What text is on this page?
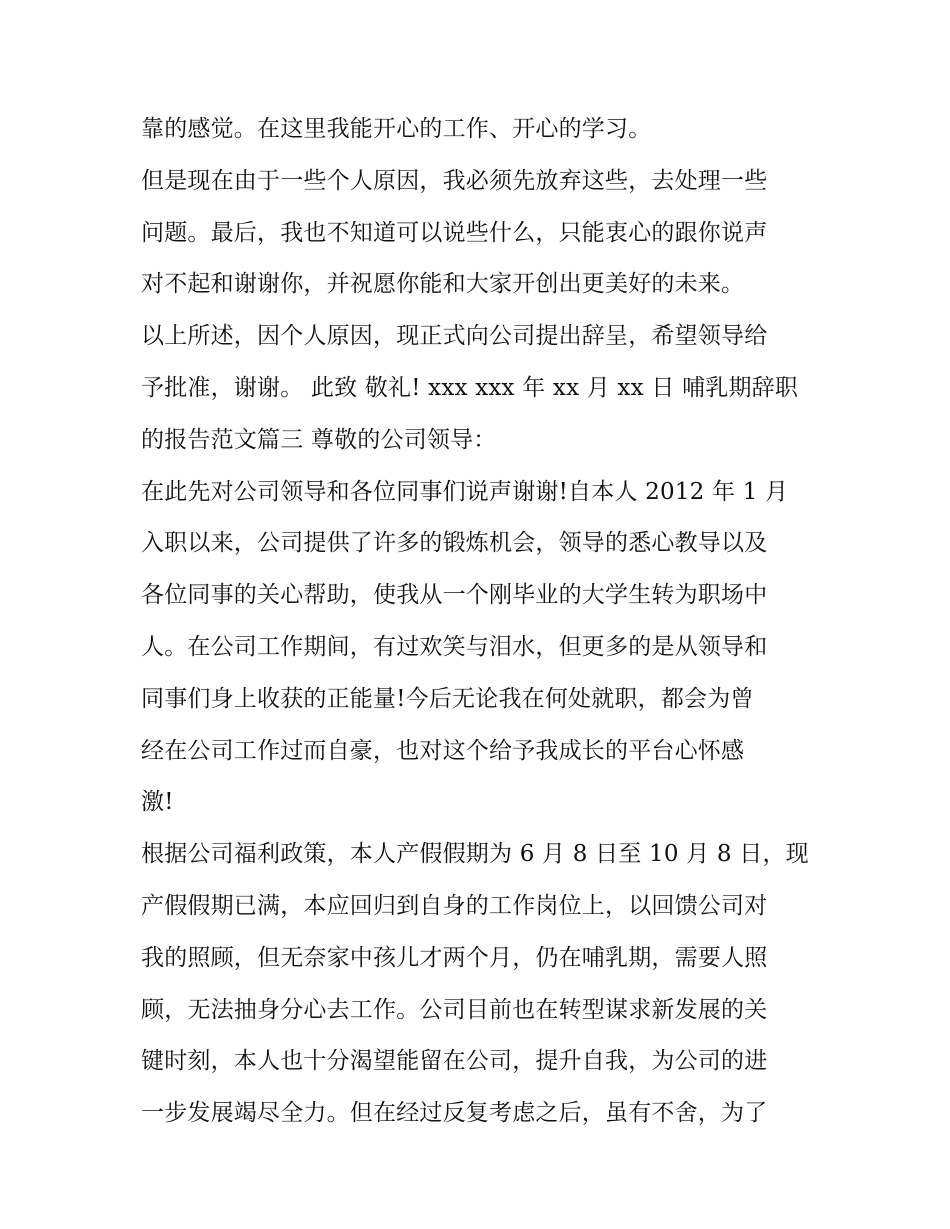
靠的感觉。在这里我能开心的工作、开心的学习。
但是现在由于一些个人原因，我必须先放弃这些，去处理一些
问题。最后，我也不知道可以说些什么，只能衷心的跟你说声
对不起和谢谢你，并祝愿你能和大家开创出更美好的未来。
以上所述，因个人原因，现正式向公司提出辞呈，希望领导给
予批准，谢谢。 此致 敬礼! xxx xxx 年 xx 月 xx 日 哺乳期辞职
的报告范文篇三 尊敬的公司领导：
在此先对公司领导和各位同事们说声谢谢!自本人 2012 年 1 月
入职以来，公司提供了许多的锻炼机会，领导的悉心教导以及
各位同事的关心帮助，使我从一个刚毕业的大学生转为职场中
人。在公司工作期间，有过欢笑与泪水，但更多的是从领导和
同事们身上收获的正能量!今后无论我在何处就职，都会为曾
经在公司工作过而自豪，也对这个给予我成长的平台心怀感
激!
根据公司福利政策，本人产假假期为 6 月 8 日至 10 月 8 日，现
产假假期已满，本应回归到自身的工作岗位上，以回馈公司对
我的照顾，但无奈家中孩儿才两个月，仍在哺乳期，需要人照
顾，无法抽身分心去工作。公司目前也在转型谋求新发展的关
键时刻，本人也十分渴望能留在公司，提升自我，为公司的进
一步发展竭尽全力。但在经过反复考虑之后，虽有不舍，为了
